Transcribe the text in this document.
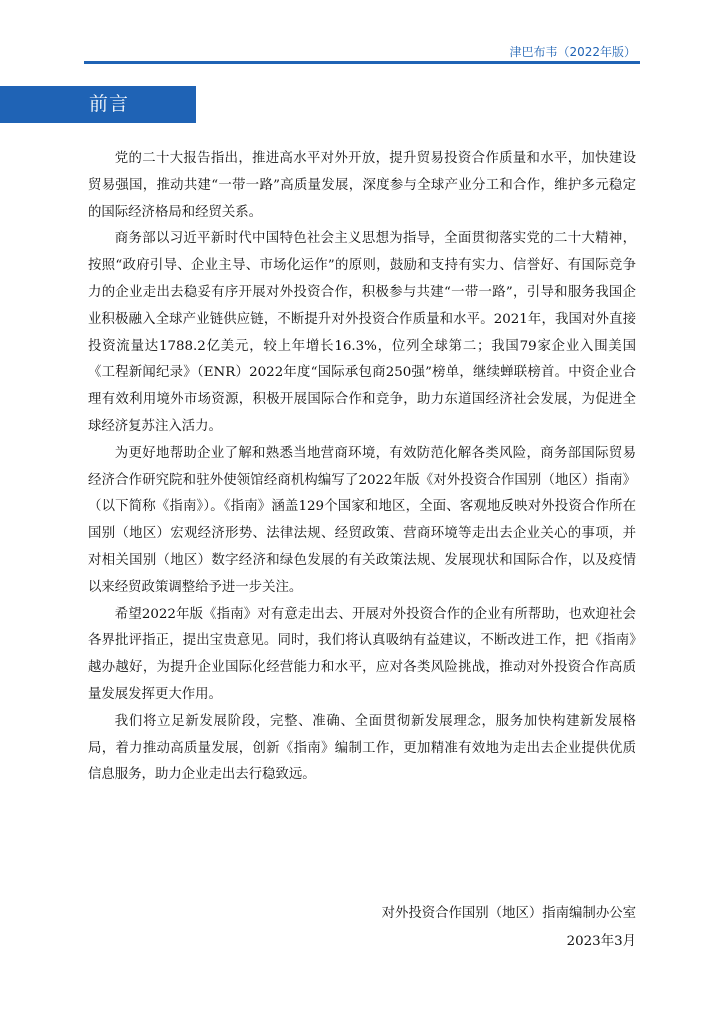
津巴布韦（2022年版）
前言

党的二十大报告指出，推进高水平对外开放，提升贸易投资合作质量和水平，加快建设贸易强国，推动共建“一带一路”高质量发展，深度参与全球产业分工和合作，维护多元稳定的国际经济格局和经贸关系。

商务部以习近平新时代中国特色社会主义思想为指导，全面贯彻落实党的二十大精神，按照“政府引导、企业主导、市场化运作”的原则，鼓励和支持有实力、信誉好、有国际竞争力的企业走出去稳妥有序开展对外投资合作，积极参与共建“一带一路”，引导和服务我国企业积极融入全球产业链供应链，不断提升对外投资合作质量和水平。2021年，我国对外直接投资流量达1788.2亿美元，较上年增长16.3%，位列全球第二；我国79家企业入围美国《工程新闻纪录》（ENR）2022年度“国际承包商250强”榜单，继续蝉联榜首。中资企业合理有效利用境外市场资源，积极开展国际合作和竞争，助力东道国经济社会发展，为促进全球经济复苏注入活力。

为更好地帮助企业了解和熟悉当地营商环境，有效防范化解各类风险，商务部国际贸易经济合作研究院和驻外使领馆经商机构编写了2022年版《对外投资合作国别（地区）指南》（以下简称《指南》）。《指南》涵盖129个国家和地区，全面、客观地反映对外投资合作所在国别（地区）宏观经济形势、法律法规、经贸政策、营商环境等走出去企业关心的事项，并对相关国别（地区）数字经济和绿色发展的有关政策法规、发展现状和国际合作，以及疫情以来经贸政策调整给予进一步关注。

希望2022年版《指南》对有意走出去、开展对外投资合作的企业有所帮助，也欢迎社会各界批评指正，提出宝贵意见。同时，我们将认真吸纳有益建议，不断改进工作，把《指南》越办越好，为提升企业国际化经营能力和水平，应对各类风险挑战，推动对外投资合作高质量发展发挥更大作用。

我们将立足新发展阶段，完整、准确、全面贯彻新发展理念，服务加快构建新发展格局，着力推动高质量发展，创新《指南》编制工作，更加精准有效地为走出去企业提供优质信息服务，助力企业走出去行稳致远。

对外投资合作国别（地区）指南编制办公室
2023年3月
